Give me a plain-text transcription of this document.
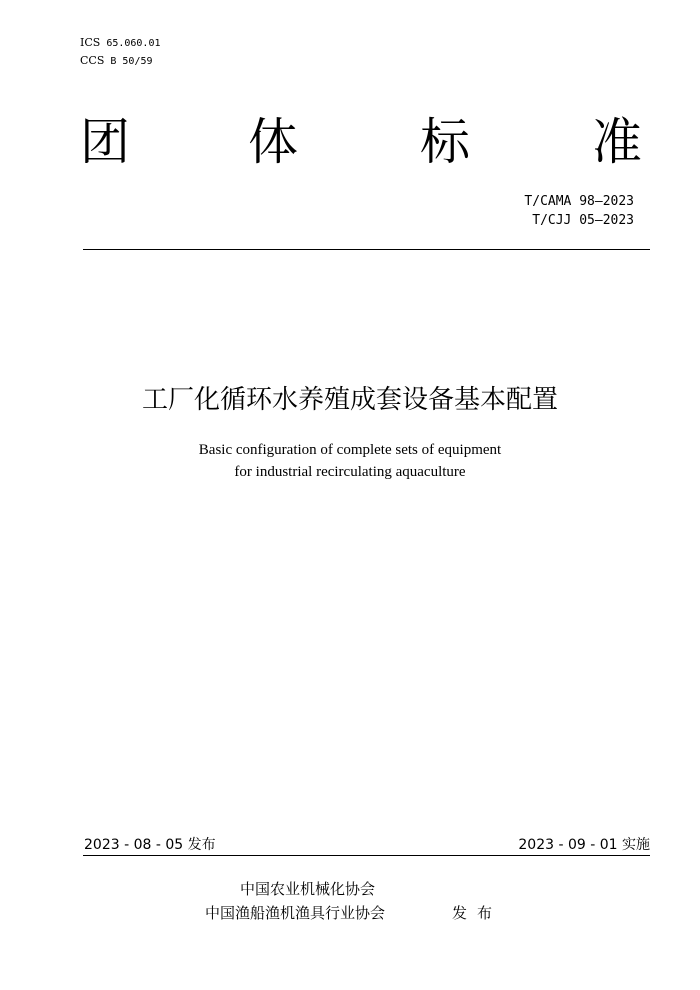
ICS 65.060.01
CCS B 50/59
团 体 标 准
T/CAMA 98—2023
T/CJJ 05—2023
工厂化循环水养殖成套设备基本配置
Basic configuration of complete sets of equipment
for industrial recirculating aquaculture
2023 - 08 - 05 发布	2023 - 09 - 01 实施
中国农业机械化协会
中国渔船渔机渔具行业协会	发布
